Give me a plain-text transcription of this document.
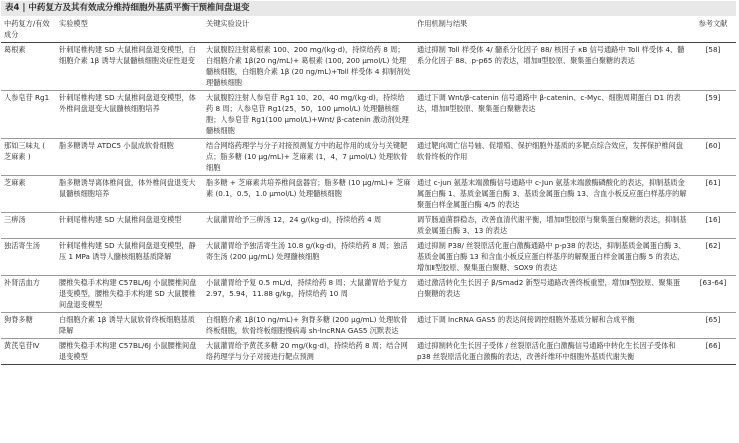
表4 | 中药复方及其有效成分维持细胞外基质平衡干预椎间盘退变
中药复方/有效成分	实验模型	关键实验设计	作用机制与结果	参考文献
葛根素	针刺尾椎构建 SD 大鼠椎间盘退变模型，白细胞介素 1β 诱导大鼠髓核细胞炎症性退变	大鼠腹腔注射葛根素 100、200 mg/(kg·d)，持续给药 8 周；白细胞介素 1β(20 ng/mL)+ 葛根素 (100, 200 μmol/L) 处理髓核细胞，白细胞介素 1β (20 ng/mL)+Toll 样受体 4 抑制剂处理髓核细胞	通过抑制 Toll 样受体 4/ 髓系分化因子 88/ 核因子 κB 信号通路中 Toll 样受体 4、髓系分化因子 88、p-p65 的表达，增加Ⅱ型胶原、聚集蛋白聚糖的表达	[58]
人参皂苷 Rg1	针刺尾椎构建 SD 大鼠椎间盘退变模型，体外椎间盘退变大鼠髓核细胞培养	大鼠腹腔注射人参皂苷 Rg1 10、20、40 mg/(kg·d)，持续给药 8 周；人参皂苷 Rg1(25，50，100 μmol/L) 处理髓核细胞；人参皂苷 Rg1(100 μmol/L)+Wnt/ β-catenin 激动剂处理髓核细胞	通过下调 Wnt/β-catenin 信号通路中 β-catenin、c-Myc、细胞周期蛋白 D1 的表达，增加Ⅱ型胶原、聚集蛋白聚糖表达	[59]
那如三味丸 ( 芝麻素 )	脂多糖诱导 ATDC5 小鼠成软骨细胞	结合网络药理学与分子对接预测复方中的起作用的成分与关键靶点；脂多糖 (10 μg/mL)+ 芝麻素 (1，4，7 μmol/L) 处理软骨细胞	通过靶向凋亡信号轴、促增殖、保护细胞外基质的多靶点综合效应，发挥保护椎间盘软骨终板的作用	[60]
芝麻素	脂多糖诱导离体椎间盘，体外椎间盘退变大鼠髓核细胞培养	脂多糖 + 芝麻素共培养椎间盘器官；脂多糖 (10 μg/mL)+ 芝麻素 (0.1，0.5，1.0 μmol/L) 处理髓核细胞	通过 c-jun 氨基末端激酶信号通路中 c-Jun 氨基末端激酶磷酸化的表达，抑制基质金属蛋白酶 1、基质金属蛋白酶 3、基质金属蛋白酶 13、含血小板反应蛋白样基序的解聚蛋白样金属蛋白酶 4/5 的表达	[61]
三痹汤	针刺尾椎构建 SD 大鼠椎间盘退变模型	大鼠灌胃给予三痹汤 12，24 g/(kg·d)，持续给药 4 周	调节肠道菌群稳态，改善血清代谢平衡，增加Ⅱ型胶原与聚集蛋白聚糖的表达，抑制基质金属蛋白酶 3、13 的表达	[16]
独活寄生汤	针刺尾椎构建 SD 大鼠椎间盘退变模型，静压 1 MPa 诱导人髓核细胞基质降解	大鼠灌胃给予独活寄生汤 10.8 g/(kg·d)，持续给药 8 周；独活寄生汤 (200 μg/mL) 处理髓核细胞	通过抑制 P38/ 丝裂原活化蛋白激酶通路中 p-p38 的表达，抑制基质金属蛋白酶 3、基质金属蛋白酶 13 和含血小板反应蛋白样基序的解聚蛋白样金属蛋白酶 5 的表达，增加Ⅱ型胶原、聚集蛋白聚糖、SOX9 的表达	[62]
补肾活血方	腰椎失稳手术构建 C57BL/6J 小鼠腰椎间盘退变模型，腰椎失稳手术构建 SD 大鼠腰椎间盘退变模型	小鼠灌胃给予复 0.5 mL/d，持续给药 8 周；大鼠灌胃给予复方 2.97，5.94，11.88 g/kg，持续给药 10 周	通过激活转化生长因子 β/Smad2 新型号通路改善终板重塑，增加Ⅱ型胶原、聚集蛋白聚糖的表达	[63-64]
狗脊多糖	白细胞介素 1β 诱导大鼠软骨终板细胞基质降解	白细胞介素 1β(10 ng/mL)+ 狗脊多糖 (200 μg/mL) 处理软骨终板细胞，软骨终板细胞慢病毒 sh-lncRNA GAS5 沉默表达	通过下调 lncRNA GAS5 的表达间接调控细胞外基质分解和合成平衡	[65]
黄芪皂苷Ⅳ	腰椎失稳手术构建 C57BL/6J 小鼠腰椎间盘退变模型	大鼠灌胃给予黄芪多糖 20 mg/(kg·d)，持续给药 8 周；结合网络药理学与分子对接进行靶点预测	通过抑制转化生长因子受体 / 丝裂原活化蛋白激酶信号通路中转化生长因子受体和 p38 丝裂原活化蛋白激酶的表达，改善纤维环中细胞外基质代谢失衡	[66]
